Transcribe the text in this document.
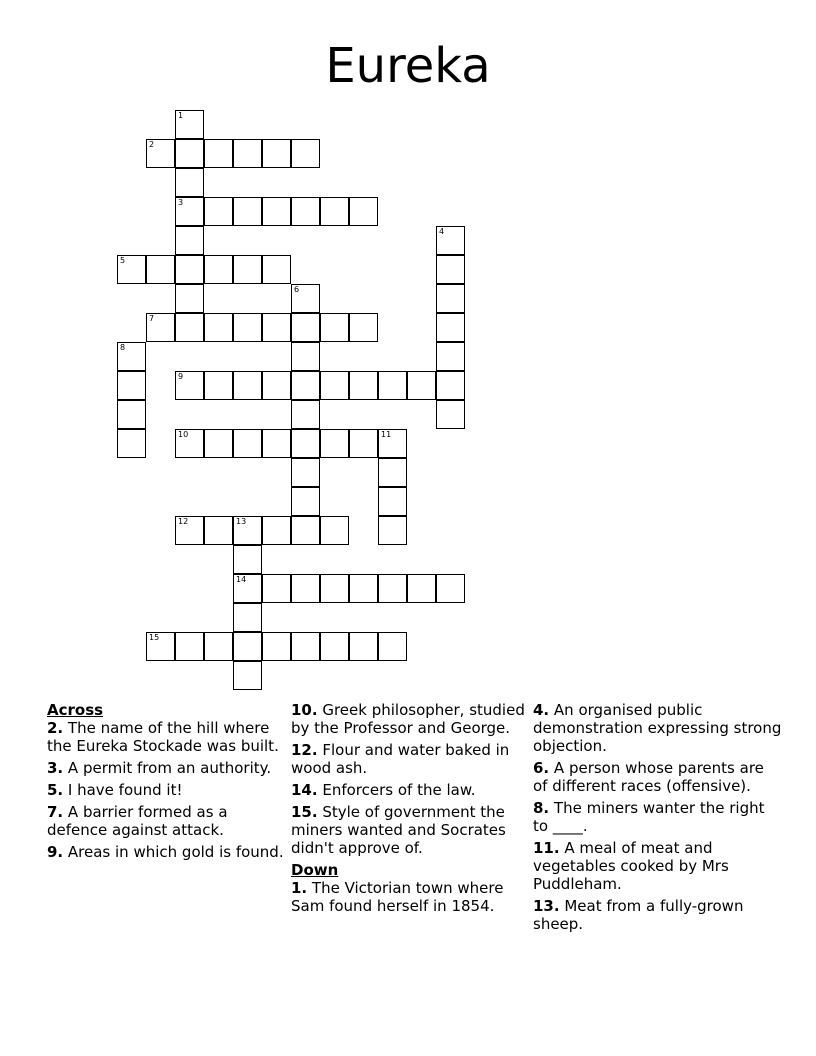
Eureka
1
3
2
4
5
6
7
8
9
10	11
12	13
14
15
Across
2. The name of the hill where the Eureka Stockade was built.
3. A permit from an authority.
5. I have found it!
7. A barrier formed as a defence against attack.
9. Areas in which gold is found.
10. Greek philosopher, studied by the Professor and George.
12. Flour and water baked in wood ash.
14. Enforcers of the law.
15. Style of government the miners wanted and Socrates didn't approve of.
Down
1. The Victorian town where Sam found herself in 1854.
4. An organised public demonstration expressing strong objection.
6. A person whose parents are of different races (offensive).
8. The miners wanter the right to ____.
11. A meal of meat and vegetables cooked by Mrs Puddleham.
13. Meat from a fully-grown sheep.
